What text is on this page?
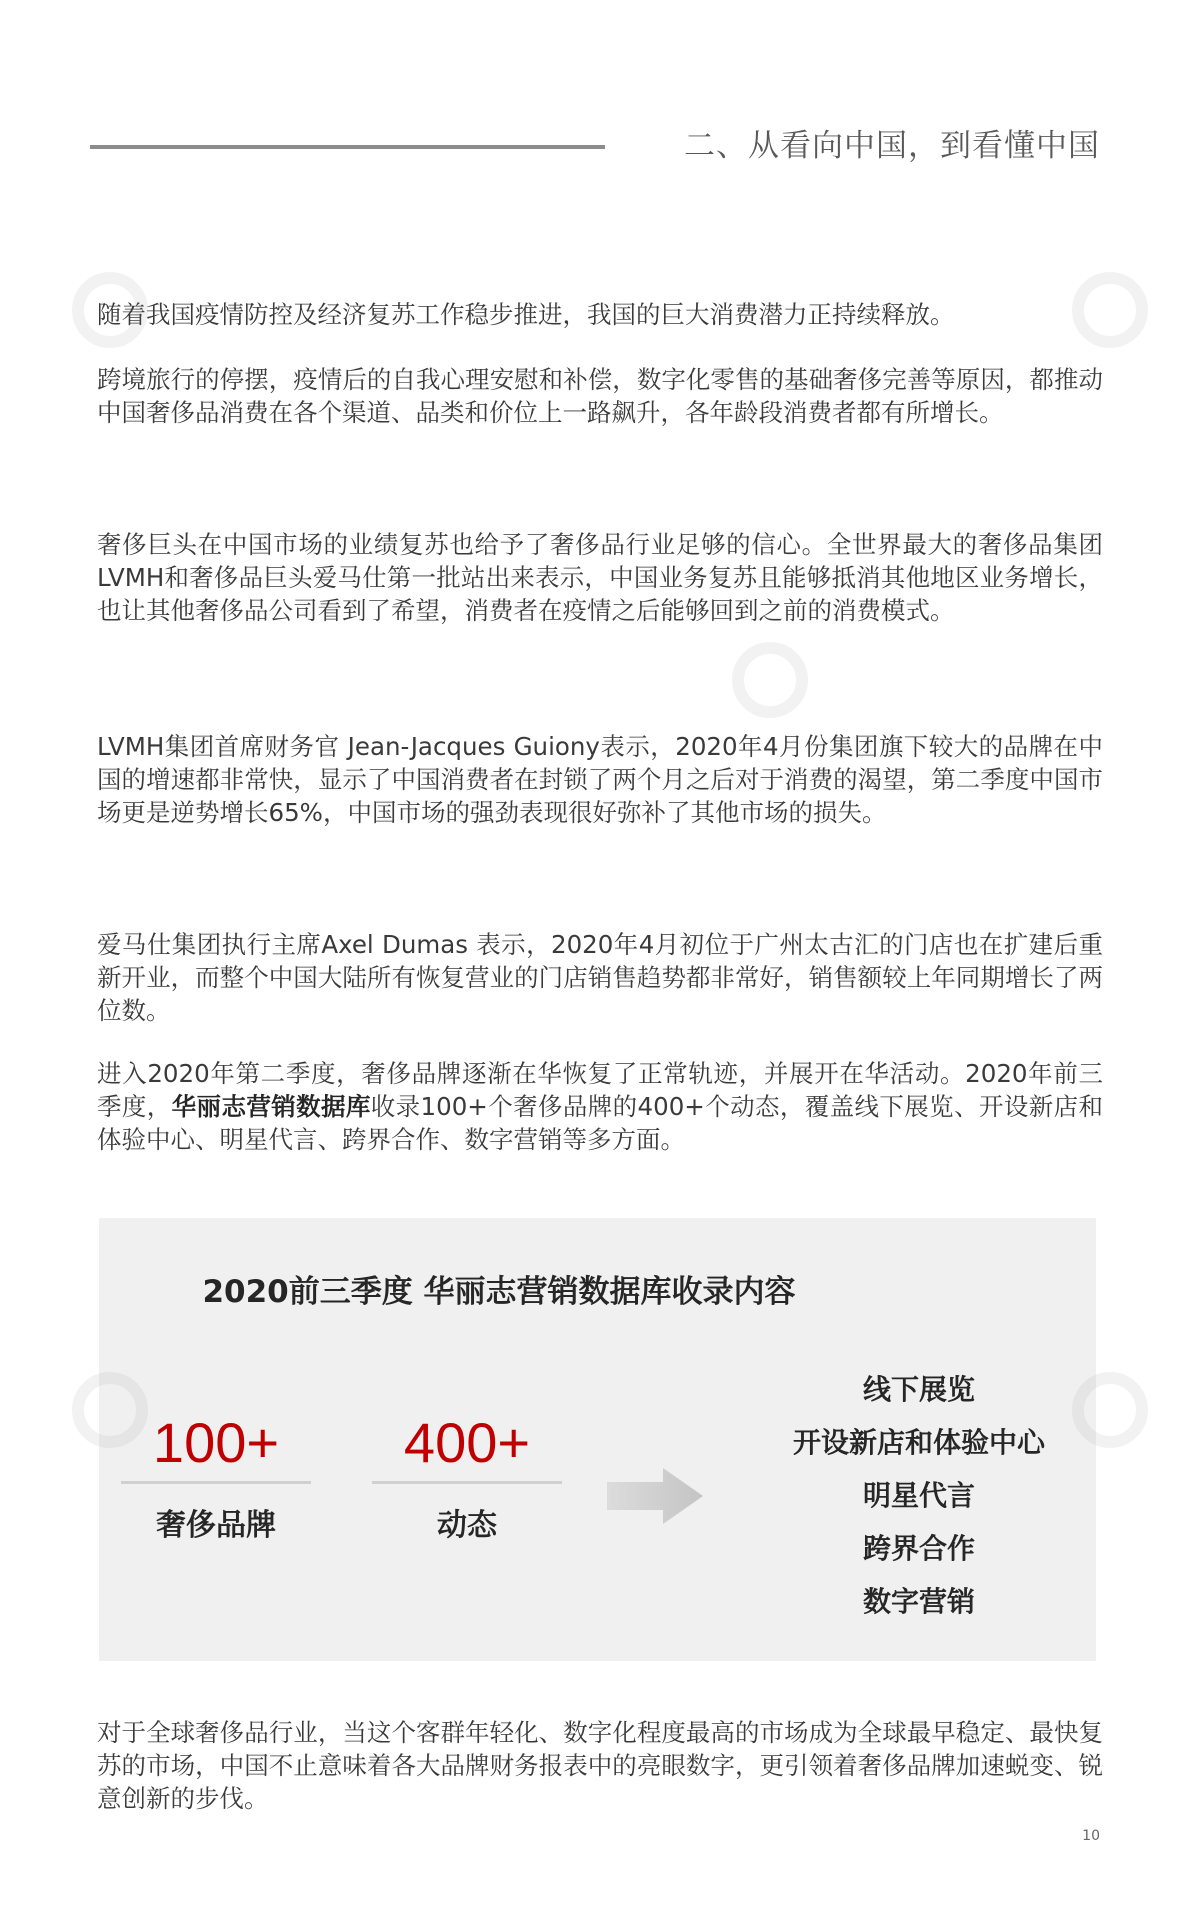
二、从看向中国，到看懂中国

随着我国疫情防控及经济复苏工作稳步推进，我国的巨大消费潜力正持续释放。

跨境旅行的停摆，疫情后的自我心理安慰和补偿，数字化零售的基础奢侈完善等原因，都推动中国奢侈品消费在各个渠道、品类和价位上一路飙升，各年龄段消费者都有所增长。

奢侈巨头在中国市场的业绩复苏也给予了奢侈品行业足够的信心。全世界最大的奢侈品集团LVMH和奢侈品巨头爱马仕第一批站出来表示，中国业务复苏且能够抵消其他地区业务增长，也让其他奢侈品公司看到了希望，消费者在疫情之后能够回到之前的消费模式。

LVMH集团首席财务官 Jean-Jacques Guiony表示，2020年4月份集团旗下较大的品牌在中国的增速都非常快，显示了中国消费者在封锁了两个月之后对于消费的渴望，第二季度中国市场更是逆势增长65%，中国市场的强劲表现很好弥补了其他市场的损失。

爱马仕集团执行主席Axel Dumas 表示，2020年4月初位于广州太古汇的门店也在扩建后重新开业，而整个中国大陆所有恢复营业的门店销售趋势都非常好，销售额较上年同期增长了两位数。

进入2020年第二季度，奢侈品牌逐渐在华恢复了正常轨迹，并展开在华活动。2020年前三季度，华丽志营销数据库收录100+个奢侈品牌的400+个动态，覆盖线下展览、开设新店和体验中心、明星代言、跨界合作、数字营销等多方面。

2020前三季度 华丽志营销数据库收录内容
100+
奢侈品牌
400+
动态
线下展览
开设新店和体验中心
明星代言
跨界合作
数字营销

对于全球奢侈品行业，当这个客群年轻化、数字化程度最高的市场成为全球最早稳定、最快复苏的市场，中国不止意味着各大品牌财务报表中的亮眼数字，更引领着奢侈品牌加速蜕变、锐意创新的步伐。

10
